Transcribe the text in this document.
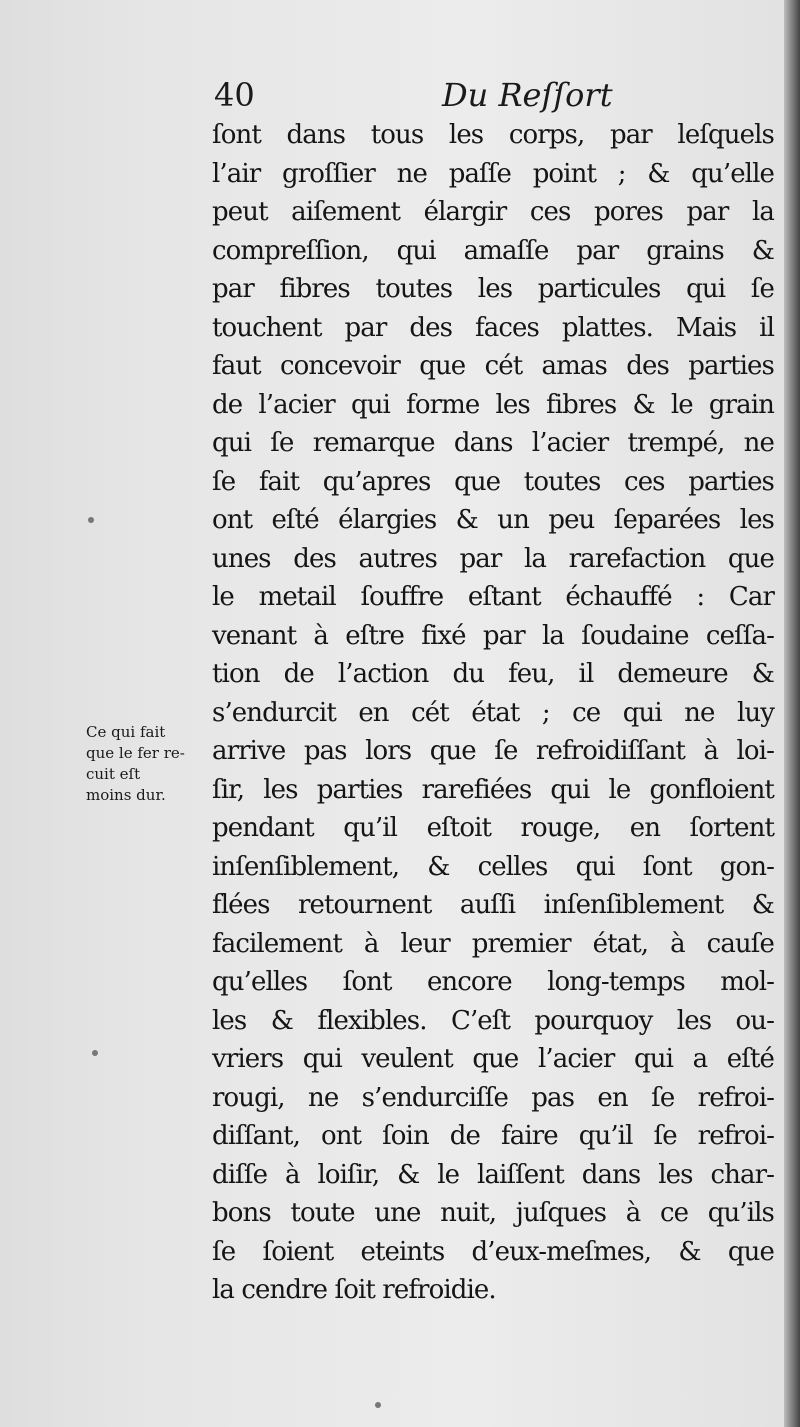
40	Du Reſſort
ſont dans tous les corps, par leſquels
l’air groſſier ne paſſe point ; & qu’elle
peut aiſement élargir ces pores par la
compreſſion, qui amaſſe par grains &
par fibres toutes les particules qui ſe
touchent par des faces plattes. Mais il
faut concevoir que cét amas des parties
de l’acier qui forme les fibres & le grain
qui ſe remarque dans l’acier trempé, ne
ſe fait qu’apres que toutes ces parties
ont eſté élargies & un peu ſeparées les
unes des autres par la rarefaction que
le metail ſouffre eſtant échauffé : Car
venant à eſtre fixé par la ſoudaine ceſſa-
tion de l’action du feu, il demeure &
s’endurcit en cét état ; ce qui ne luy
arrive pas lors que ſe refroidiſſant à loi-
ſir, les parties rarefiées qui le gonfloient
pendant qu’il eſtoit rouge, en ſortent
inſenſiblement, & celles qui ſont gon-
flées retournent auſſi inſenſiblement &
facilement à leur premier état, à cauſe
qu’elles ſont encore long-temps mol-
les & flexibles. C’eſt pourquoy les ou-
vriers qui veulent que l’acier qui a eſté
rougi, ne s’endurciſſe pas en ſe refroi-
diſſant, ont ſoin de faire qu’il ſe refroi-
diſſe à loiſir, & le laiſſent dans les char-
bons toute une nuit, juſques à ce qu’ils
ſe ſoient eteints d’eux-meſmes, & que
la cendre ſoit refroidie.
Ce qui fait
que le fer re-
cuit eſt
moins dur.
